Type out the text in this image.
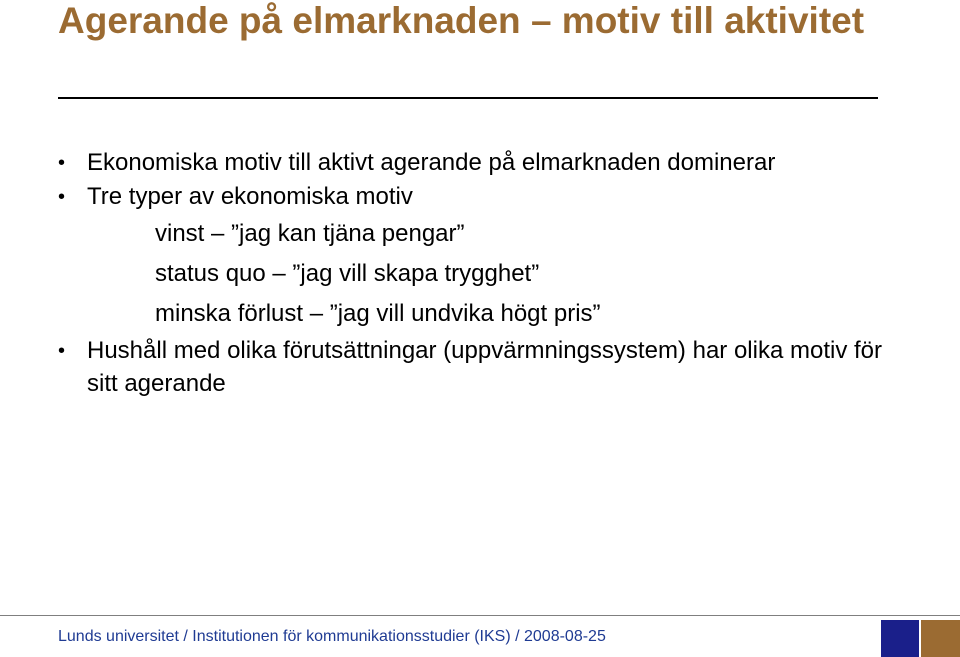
Agerande på elmarknaden – motiv till aktivitet
• Ekonomiska motiv till aktivt agerande på elmarknaden dominerar
• Tre typer av ekonomiska motiv
vinst – ”jag kan tjäna pengar”
status quo – ”jag vill skapa trygghet”
minska förlust – ”jag vill undvika högt pris”
• Hushåll med olika förutsättningar (uppvärmningssystem) har olika motiv för sitt agerande
Lunds universitet / Institutionen för kommunikationsstudier (IKS) / 2008-08-25
